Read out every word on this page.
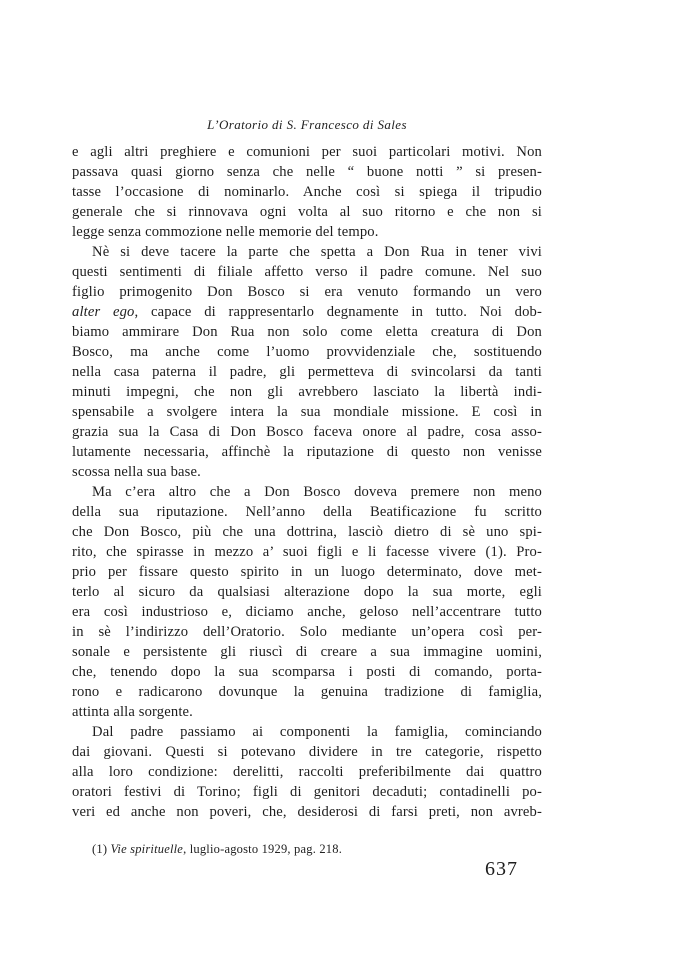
L’Oratorio di S. Francesco di Sales
e agli altri preghiere e comunioni per suoi particolari motivi. Non
passava quasi giorno senza che nelle “ buone notti ” si presen-
tasse l’occasione di nominarlo. Anche così si spiega il tripudio
generale che si rinnovava ogni volta al suo ritorno e che non si
legge senza commozione nelle memorie del tempo.
Nè si deve tacere la parte che spetta a Don Rua in tener vivi
questi sentimenti di filiale affetto verso il padre comune. Nel suo
figlio primogenito Don Bosco si era venuto formando un vero
alter ego, capace di rappresentarlo degnamente in tutto. Noi dob-
biamo ammirare Don Rua non solo come eletta creatura di Don
Bosco, ma anche come l’uomo provvidenziale che, sostituendo
nella casa paterna il padre, gli permetteva di svincolarsi da tanti
minuti impegni, che non gli avrebbero lasciato la libertà indi-
spensabile a svolgere intera la sua mondiale missione. E così in
grazia sua la Casa di Don Bosco faceva onore al padre, cosa asso-
lutamente necessaria, affinchè la riputazione di questo non venisse
scossa nella sua base.
Ma c’era altro che a Don Bosco doveva premere non meno
della sua riputazione. Nell’anno della Beatificazione fu scritto
che Don Bosco, più che una dottrina, lasciò dietro di sè uno spi-
rito, che spirasse in mezzo a’ suoi figli e li facesse vivere (1). Pro-
prio per fissare questo spirito in un luogo determinato, dove met-
terlo al sicuro da qualsiasi alterazione dopo la sua morte, egli
era così industrioso e, diciamo anche, geloso nell’accentrare tutto
in sè l’indirizzo dell’Oratorio. Solo mediante un’opera così per-
sonale e persistente gli riuscì di creare a sua immagine uomini,
che, tenendo dopo la sua scomparsa i posti di comando, porta-
rono e radicarono dovunque la genuina tradizione di famiglia,
attinta alla sorgente.
Dal padre passiamo ai componenti la famiglia, cominciando
dai giovani. Questi si potevano dividere in tre categorie, rispetto
alla loro condizione: derelitti, raccolti preferibilmente dai quattro
oratori festivi di Torino; figli di genitori decaduti; contadinelli po-
veri ed anche non poveri, che, desiderosi di farsi preti, non avreb-
(1) Vie spirituelle, luglio-agosto 1929, pag. 218.
637
